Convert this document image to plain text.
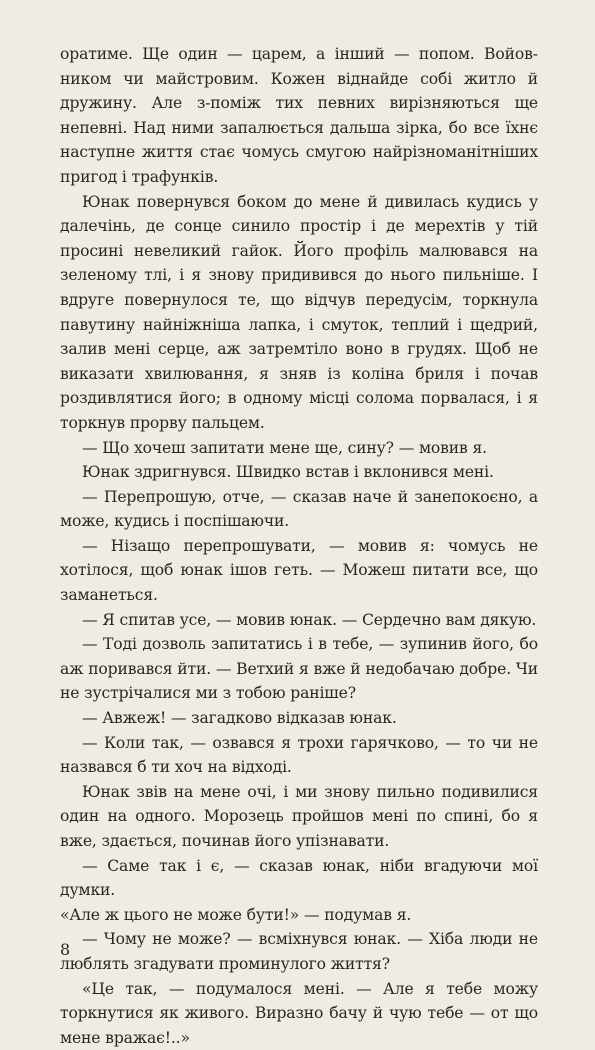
оратиме. Ще один — царем, а інший — попом. Войовником чи майстровим. Кожен віднайде собі житло й дружину. Але з-поміж тих певних вирізняються ще непевні. Над ними запалюється дальша зірка, бо все їхнє наступне життя стає чомусь смугою найрізноманітніших пригод і трафунків.

Юнак повернувся боком до мене й дивилась кудись у далечінь, де сонце синило простір і де мерехтів у тій просині невеликий гайок. Його профіль малювався на зеленому тлі, і я знову придивився до нього пильніше. І вдруге повернулося те, що відчув передусім, торкнула павутину найніжніша лапка, і смуток, теплий і щедрий, залив мені серце, аж затремтіло воно в грудях. Щоб не виказати хвилювання, я зняв із коліна бриля і почав роздивлятися його; в одному місці солома порвалася, і я торкнув прорву пальцем.

— Що хочеш запитати мене ще, сину? — мовив я.

Юнак здригнувся. Швидко встав і вклонився мені.

— Перепрошую, отче, — сказав наче й занепокоєно, а може, кудись і поспішаючи.

— Нізащо перепрошувати, — мовив я: чомусь не хотілося, щоб юнак ішов геть. — Можеш питати все, що заманеться.

— Я спитав усе, — мовив юнак. — Сердечно вам дякую.

— Тоді дозволь запитатись і в тебе, — зупинив його, бо аж поривався йти. — Ветхий я вже й недобачаю добре. Чи не зустрічалися ми з тобою раніше?

— Авжеж! — загадково відказав юнак.

— Коли так, — озвався я трохи гарячково, — то чи не назвався б ти хоч на відході.

Юнак звів на мене очі, і ми знову пильно подивилися один на одного. Морозець пройшов мені по спині, бо я вже, здається, починав його упізнавати.

— Саме так і є, — сказав юнак, ніби вгадуючи мої думки.

«Але ж цього не може бути!» — подумав я.

— Чому не може? — всміхнувся юнак. — Хіба люди не люблять згадувати проминулого життя?

«Це так, — подумалося мені. — Але я тебе можу торкнутися як живого. Виразно бачу й чую тебе — от що мене вражає!..»

8
